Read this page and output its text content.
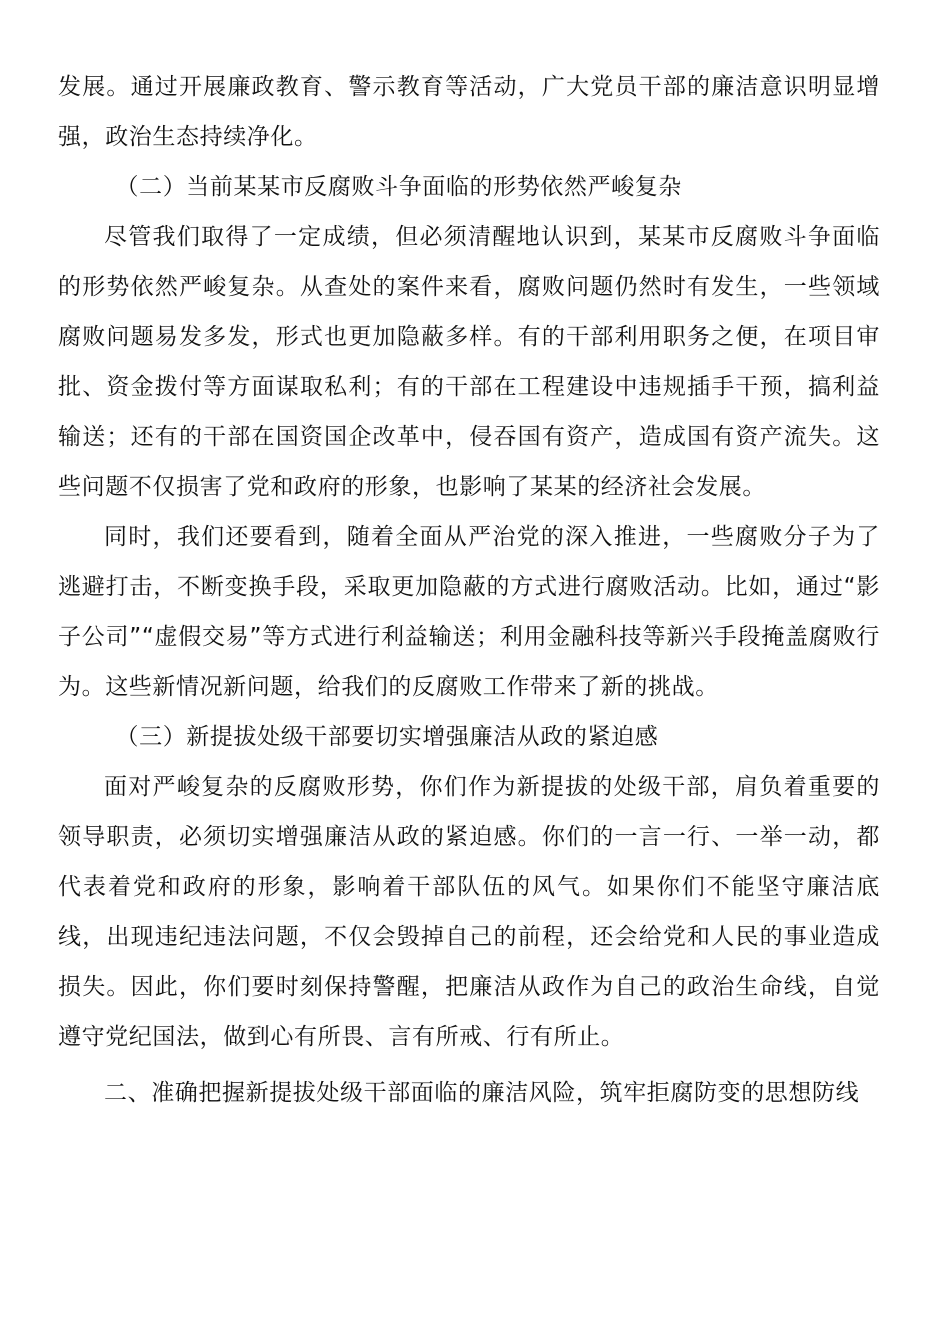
发展。通过开展廉政教育、警示教育等活动，广大党员干部的廉洁意识明显增强，政治生态持续净化。

（二）当前某某市反腐败斗争面临的形势依然严峻复杂

尽管我们取得了一定成绩，但必须清醒地认识到，某某市反腐败斗争面临的形势依然严峻复杂。从查处的案件来看，腐败问题仍然时有发生，一些领域腐败问题易发多发，形式也更加隐蔽多样。有的干部利用职务之便，在项目审批、资金拨付等方面谋取私利；有的干部在工程建设中违规插手干预，搞利益输送；还有的干部在国资国企改革中，侵吞国有资产，造成国有资产流失。这些问题不仅损害了党和政府的形象，也影响了某某的经济社会发展。

同时，我们还要看到，随着全面从严治党的深入推进，一些腐败分子为了逃避打击，不断变换手段，采取更加隐蔽的方式进行腐败活动。比如，通过“影子公司”“虚假交易”等方式进行利益输送；利用金融科技等新兴手段掩盖腐败行为。这些新情况新问题，给我们的反腐败工作带来了新的挑战。

（三）新提拔处级干部要切实增强廉洁从政的紧迫感

面对严峻复杂的反腐败形势，你们作为新提拔的处级干部，肩负着重要的领导职责，必须切实增强廉洁从政的紧迫感。你们的一言一行、一举一动，都代表着党和政府的形象，影响着干部队伍的风气。如果你们不能坚守廉洁底线，出现违纪违法问题，不仅会毁掉自己的前程，还会给党和人民的事业造成损失。因此，你们要时刻保持警醒，把廉洁从政作为自己的政治生命线，自觉遵守党纪国法，做到心有所畏、言有所戒、行有所止。

二、准确把握新提拔处级干部面临的廉洁风险，筑牢拒腐防变的思想防线
